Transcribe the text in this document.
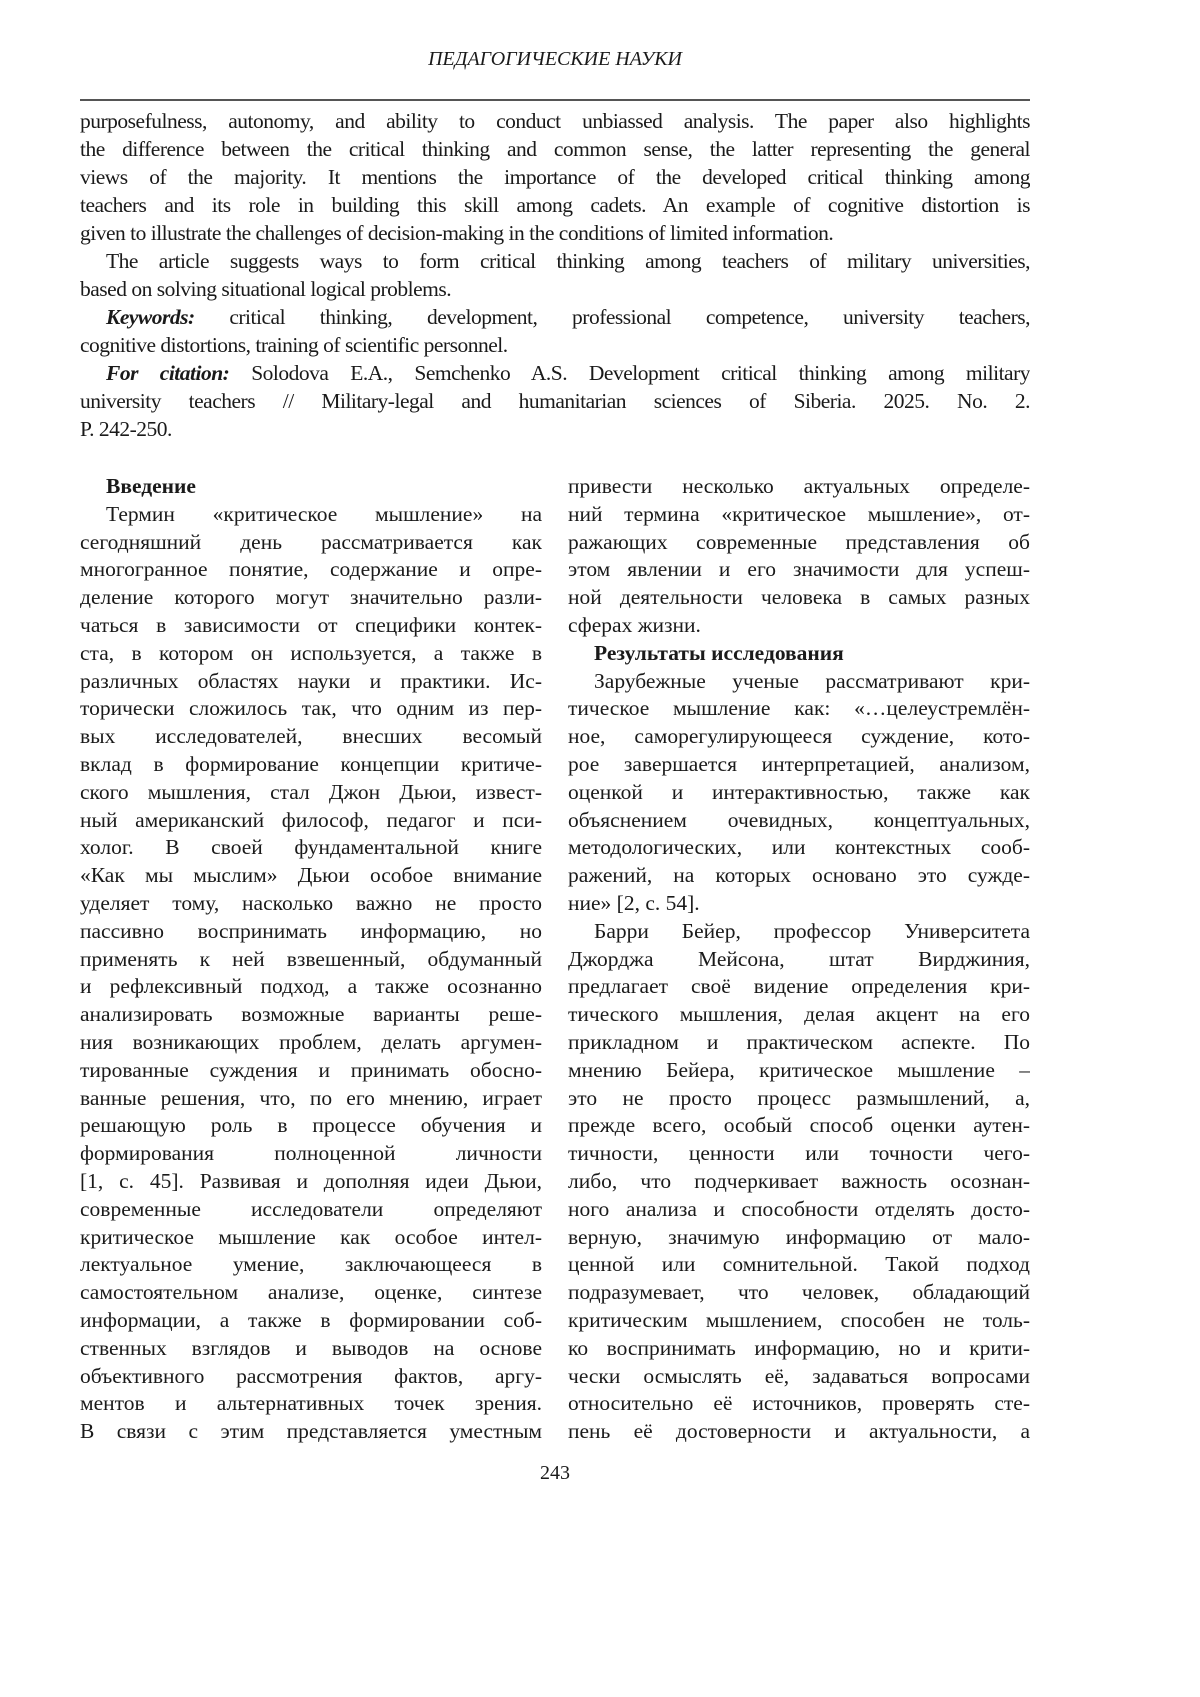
ПЕДАГОГИЧЕСКИЕ НАУКИ
purposefulness, autonomy, and ability to conduct unbiassed analysis. The paper also highlights
the difference between the critical thinking and common sense, the latter representing the general
views of the majority. It mentions the importance of the developed critical thinking among
teachers and its role in building this skill among cadets. An example of cognitive distortion is
given to illustrate the challenges of decision-making in the conditions of limited information.
The article suggests ways to form critical thinking among teachers of military universities,
based on solving situational logical problems.
Keywords: critical thinking, development, professional competence, university teachers,
cognitive distortions, training of scientific personnel.
For citation: Solodova E.A., Semchenko A.S. Development critical thinking among military
university teachers // Military-legal and humanitarian sciences of Siberia. 2025. No. 2.
P. 242-250.
Введение
Термин «критическое мышление» на
сегодняшний день рассматривается как
многогранное понятие, содержание и опре-
деление которого могут значительно разли-
чаться в зависимости от специфики контек-
ста, в котором он используется, а также в
различных областях науки и практики. Ис-
торически сложилось так, что одним из пер-
вых исследователей, внесших весомый
вклад в формирование концепции критиче-
ского мышления, стал Джон Дьюи, извест-
ный американский философ, педагог и пси-
холог. В своей фундаментальной книге
«Как мы мыслим» Дьюи особое внимание
уделяет тому, насколько важно не просто
пассивно воспринимать информацию, но
применять к ней взвешенный, обдуманный
и рефлексивный подход, а также осознанно
анализировать возможные варианты реше-
ния возникающих проблем, делать аргумен-
тированные суждения и принимать обосно-
ванные решения, что, по его мнению, играет
решающую роль в процессе обучения и
формирования полноценной личности
[1, с. 45]. Развивая и дополняя идеи Дьюи,
современные исследователи определяют
критическое мышление как особое интел-
лектуальное умение, заключающееся в
самостоятельном анализе, оценке, синтезе
информации, а также в формировании соб-
ственных взглядов и выводов на основе
объективного рассмотрения фактов, аргу-
ментов и альтернативных точек зрения.
В связи с этим представляется уместным
привести несколько актуальных определе-
ний термина «критическое мышление», от-
ражающих современные представления об
этом явлении и его значимости для успеш-
ной деятельности человека в самых разных
сферах жизни.
Результаты исследования
Зарубежные ученые рассматривают кри-
тическое мышление как: «…целеустремлён-
ное, саморегулирующееся суждение, кото-
рое завершается интерпретацией, анализом,
оценкой и интерактивностью, также как
объяснением очевидных, концептуальных,
методологических, или контекстных сооб-
ражений, на которых основано это сужде-
ние» [2, с. 54].
Барри Бейер, профессор Университета
Джорджа Мейсона, штат Вирджиния,
предлагает своё видение определения кри-
тического мышления, делая акцент на его
прикладном и практическом аспекте. По
мнению Бейера, критическое мышление –
это не просто процесс размышлений, а,
прежде всего, особый способ оценки аутен-
тичности, ценности или точности чего-
либо, что подчеркивает важность осознан-
ного анализа и способности отделять досто-
верную, значимую информацию от мало-
ценной или сомнительной. Такой подход
подразумевает, что человек, обладающий
критическим мышлением, способен не толь-
ко воспринимать информацию, но и крити-
чески осмыслять её, задаваться вопросами
относительно её источников, проверять сте-
пень её достоверности и актуальности, а
243
